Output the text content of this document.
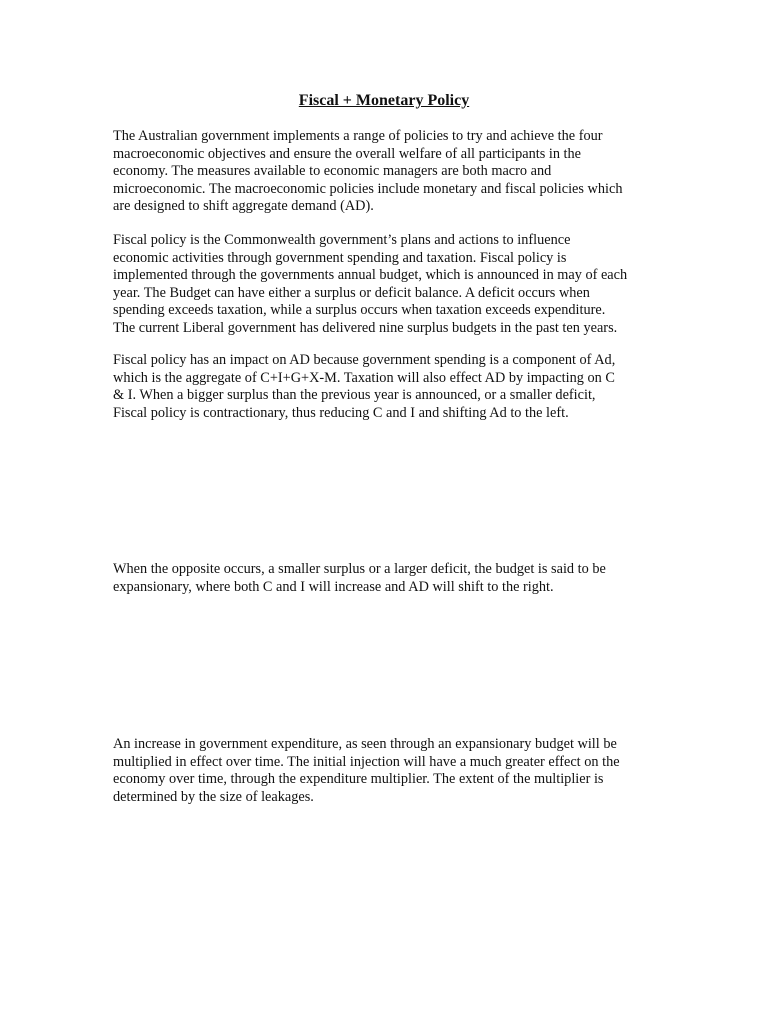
Fiscal + Monetary Policy

The Australian government implements a range of policies to try and achieve the four
macroeconomic objectives and ensure the overall welfare of all participants in the
economy. The measures available to economic managers are both macro and
microeconomic. The macroeconomic policies include monetary and fiscal policies which
are designed to shift aggregate demand (AD).

Fiscal policy is the Commonwealth government’s plans and actions to influence
economic activities through government spending and taxation. Fiscal policy is
implemented through the governments annual budget, which is announced in may of each
year. The Budget can have either a surplus or deficit balance. A deficit occurs when
spending exceeds taxation, while a surplus occurs when taxation exceeds expenditure.
The current Liberal government has delivered nine surplus budgets in the past ten years.

Fiscal policy has an impact on AD because government spending is a component of Ad,
which is the aggregate of C+I+G+X-M. Taxation will also effect AD by impacting on C
& I. When a bigger surplus than the previous year is announced, or a smaller deficit,
Fiscal policy is contractionary, thus reducing C and I and shifting Ad to the left.

When the opposite occurs, a smaller surplus or a larger deficit, the budget is said to be
expansionary, where both C and I will increase and AD will shift to the right.

An increase in government expenditure, as seen through an expansionary budget will be
multiplied in effect over time. The initial injection will have a much greater effect on the
economy over time, through the expenditure multiplier. The extent of the multiplier is
determined by the size of leakages.
